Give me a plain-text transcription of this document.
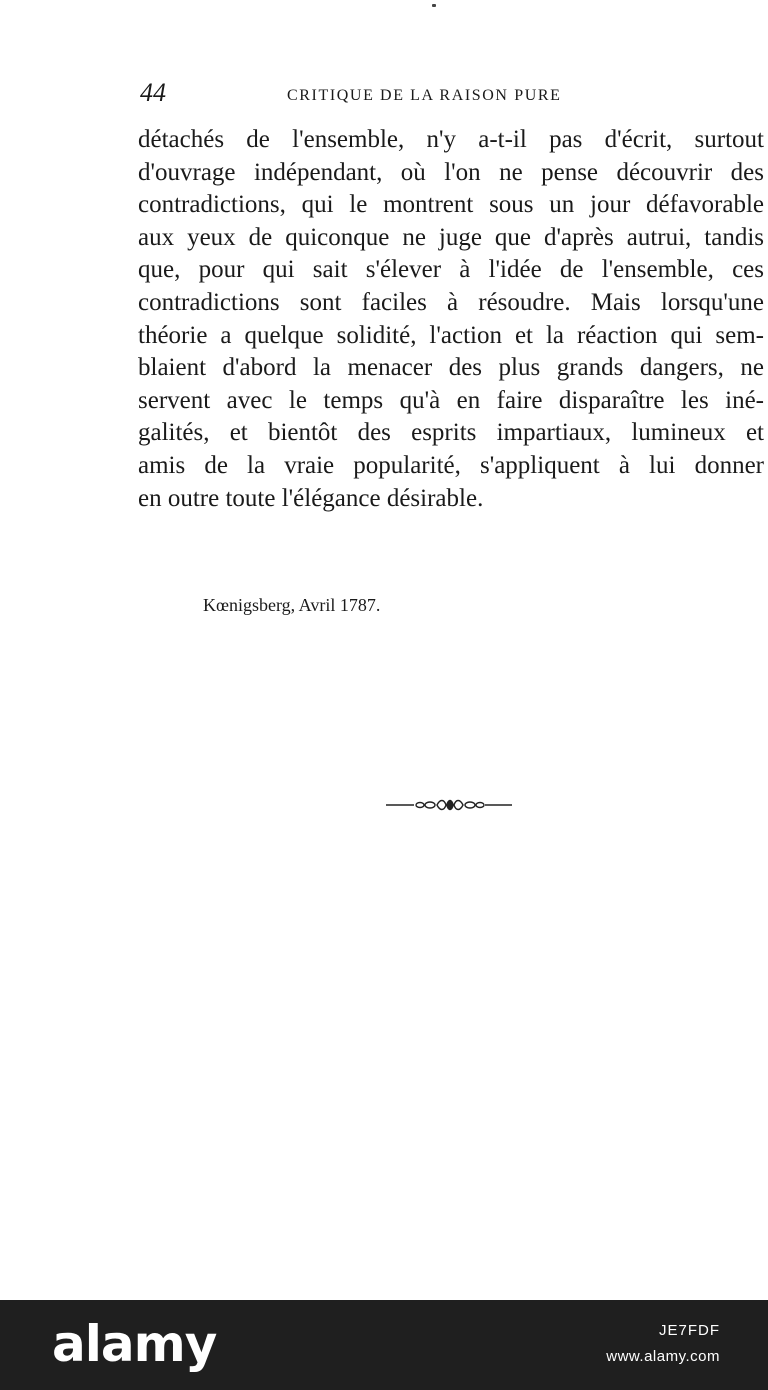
44	CRITIQUE DE LA RAISON PURE
détachés de l'ensemble, n'y a-t-il pas d'écrit, surtout
d'ouvrage indépendant, où l'on ne pense découvrir des
contradictions, qui le montrent sous un jour défavorable
aux yeux de quiconque ne juge que d'après autrui, tandis
que, pour qui sait s'élever à l'idée de l'ensemble, ces
contradictions sont faciles à résoudre. Mais lorsqu'une
théorie a quelque solidité, l'action et la réaction qui sem-
blaient d'abord la menacer des plus grands dangers, ne
servent avec le temps qu'à en faire disparaître les iné-
galités, et bientôt des esprits impartiaux, lumineux et
amis de la vraie popularité, s'appliquent à lui donner
en outre toute l'élégance désirable.
Kœnigsberg, Avril 1787.
alamy	JE7FDF
www.alamy.com
